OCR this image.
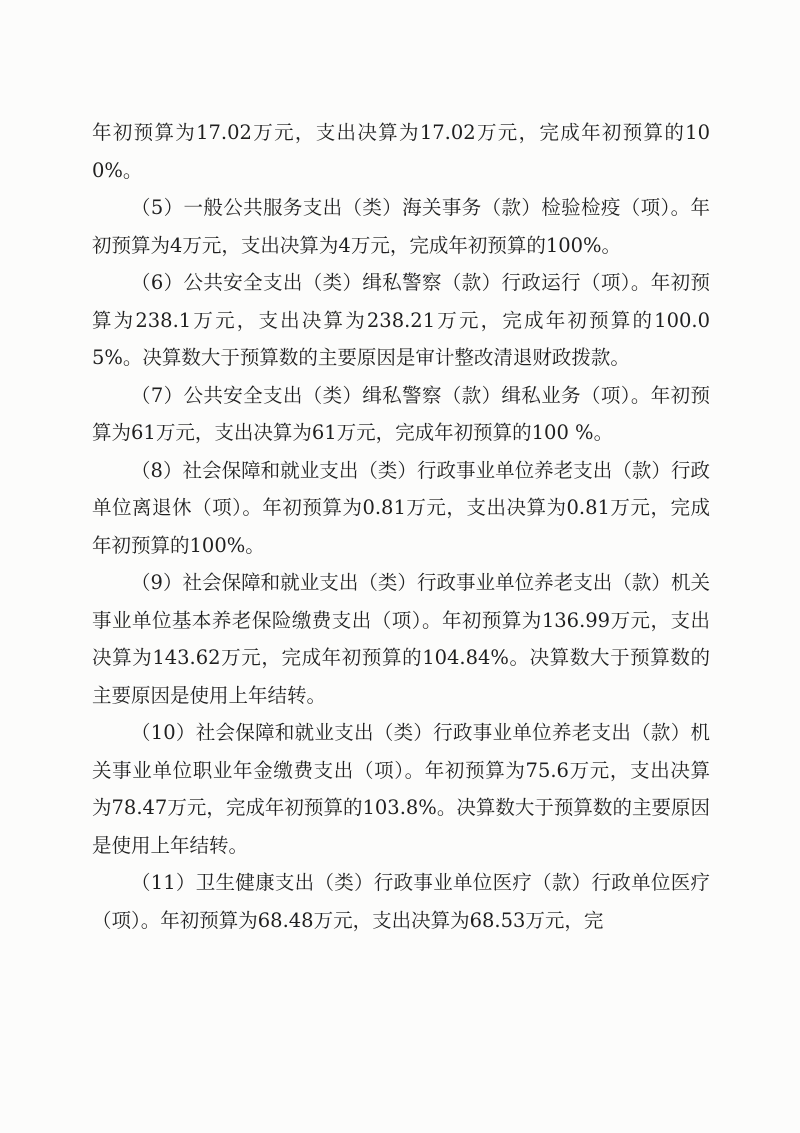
年初预算为17.02万元，支出决算为17.02万元，完成年初预算的100%。

（5）一般公共服务支出（类）海关事务（款）检验检疫（项）。年初预算为4万元，支出决算为4万元，完成年初预算的100%。

（6）公共安全支出（类）缉私警察（款）行政运行（项）。年初预算为238.1万元，支出决算为238.21万元，完成年初预算的100.05%。决算数大于预算数的主要原因是审计整改清退财政拨款。

（7）公共安全支出（类）缉私警察（款）缉私业务（项）。年初预算为61万元，支出决算为61万元，完成年初预算的100 %。

（8）社会保障和就业支出（类）行政事业单位养老支出（款）行政单位离退休（项）。年初预算为0.81万元，支出决算为0.81万元，完成年初预算的100%。

（9）社会保障和就业支出（类）行政事业单位养老支出（款）机关事业单位基本养老保险缴费支出（项）。年初预算为136.99万元，支出决算为143.62万元，完成年初预算的104.84%。决算数大于预算数的主要原因是使用上年结转。

（10）社会保障和就业支出（类）行政事业单位养老支出（款）机关事业单位职业年金缴费支出（项）。年初预算为75.6万元，支出决算为78.47万元，完成年初预算的103.8%。决算数大于预算数的主要原因是使用上年结转。

（11）卫生健康支出（类）行政事业单位医疗（款）行政单位医疗（项）。年初预算为68.48万元，支出决算为68.53万元，完
